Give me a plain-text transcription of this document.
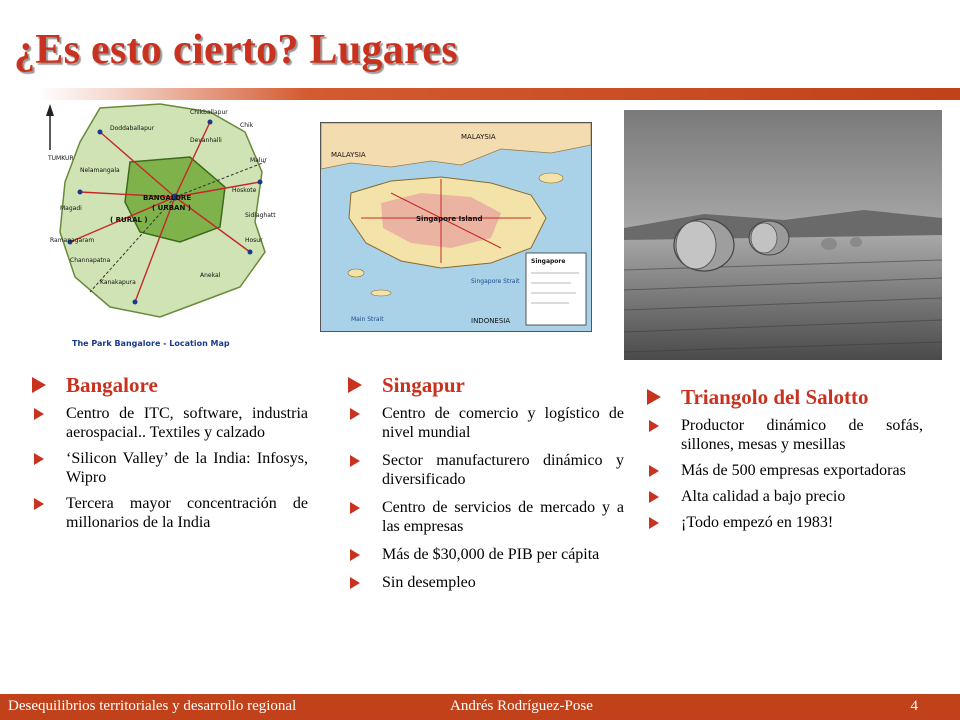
¿Es esto cierto? Lugares
Chikballapur
TUMKUR
Doddaballapur
Devanhalli
Nelamangala
Hoskote
Ramanagaram
Channapatna
Kanakapura
Anekal
Hosur
Magadi
Chik
Sidlaghatt
Malur
BANGALORE
( URBAN )
( RURAL )
The Park Bangalore - Location Map
Singapore
MALAYSIA
MALAYSIA
Singapore Island
Singapore Strait
INDONESIA
Main Strait
Bangalore
Centro de ITC, software, industria aerospacial.. Textiles y calzado
‘Silicon Valley’ de la India: Infosys, Wipro
Tercera mayor concentración de millonarios de la India
Singapur
Centro de comercio y logístico de nivel mundial
Sector manufacturero dinámico y diversificado
Centro de servicios de mercado y a las empresas
Más de $30,000 de PIB per cápita
Sin desempleo
Triangolo del Salotto
Productor dinámico de sofás, sillones, mesas y mesillas
Más de 500 empresas exportadoras
Alta calidad a bajo precio
¡Todo empezó en 1983!
Desequilibrios territoriales y desarrollo regional	Andrés Rodríguez-Pose	4
